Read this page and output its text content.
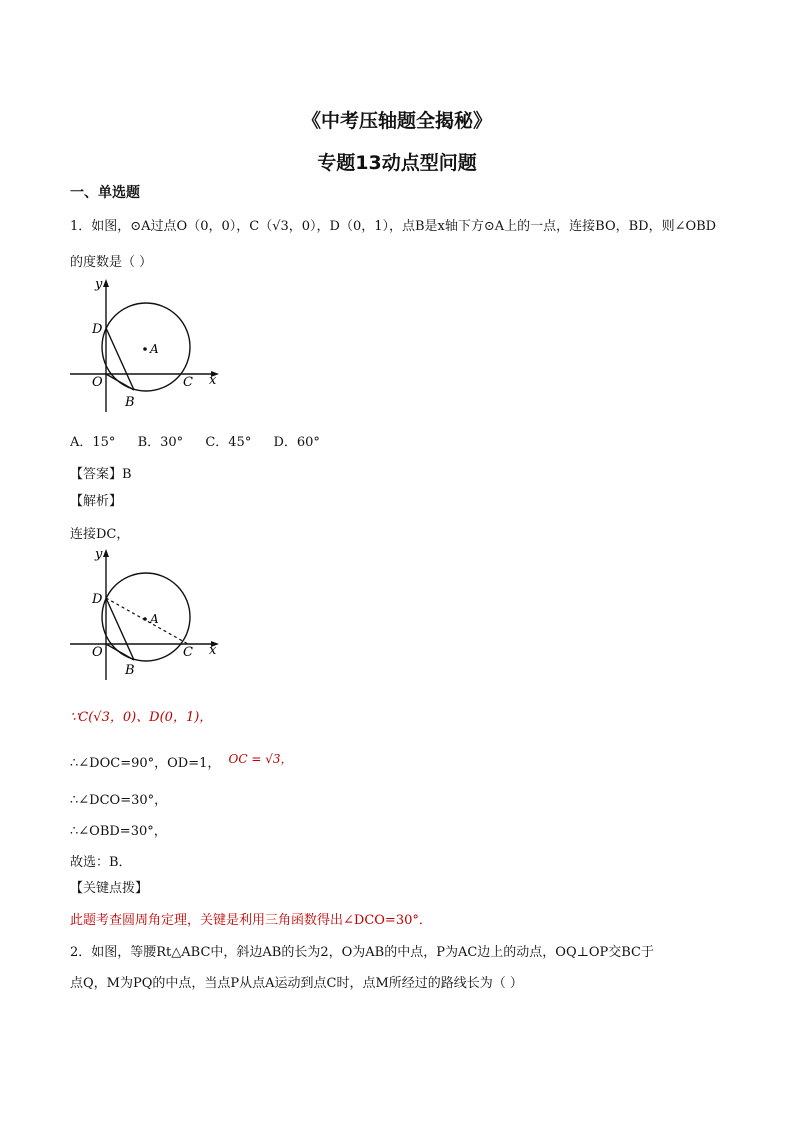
《中考压轴题全揭秘》
专题13动点型问题
一、单选题
1．如图，⊙A过点O（0，0），C（√3，0），D（0，1），点B是x轴下方⊙A上的一点，连接BO，BD，则∠OBD
的度数是（ ）
y
x
D
A
O
B
C
A．15° B．30° C．45° D．60°
【答案】B
【解析】
连接DC，
y
x
D
A
O
B
C
∵C(√3，0)、D(0，1)，
∴∠DOC=90°，OD=1， OC = √3，
∴∠DCO=30°，
∴∠OBD=30°，
故选：B．
【关键点拨】
此题考查圆周角定理，关键是利用三角函数得出∠DCO=30°．
2．如图，等腰Rt△ABC中，斜边AB的长为2，O为AB的中点，P为AC边上的动点，OQ⊥OP交BC于
点Q，M为PQ的中点，当点P从点A运动到点C时，点M所经过的路线长为（ ）
